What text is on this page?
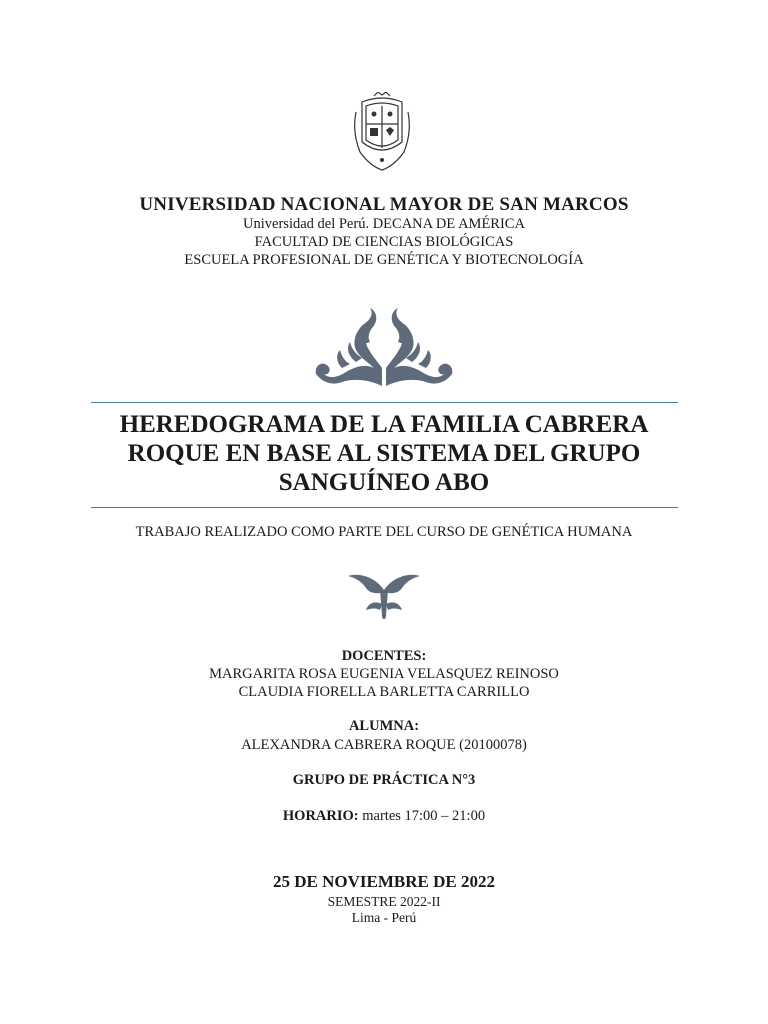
UNIVERSIDAD NACIONAL MAYOR DE SAN MARCOS
Universidad del Perú. DECANA DE AMÉRICA
FACULTAD DE CIENCIAS BIOLÓGICAS
ESCUELA PROFESIONAL DE GENÉTICA Y BIOTECNOLOGÍA
HEREDOGRAMA DE LA FAMILIA CABRERA ROQUE EN BASE AL SISTEMA DEL GRUPO SANGUÍNEO ABO
TRABAJO REALIZADO COMO PARTE DEL CURSO DE GENÉTICA HUMANA
DOCENTES:
MARGARITA ROSA EUGENIA VELASQUEZ REINOSO
CLAUDIA FIORELLA BARLETTA CARRILLO
ALUMNA:
ALEXANDRA CABRERA ROQUE (20100078)
GRUPO DE PRÁCTICA N°3
HORARIO: martes 17:00 – 21:00
25 DE NOVIEMBRE DE 2022
SEMESTRE 2022-II
Lima - Perú
